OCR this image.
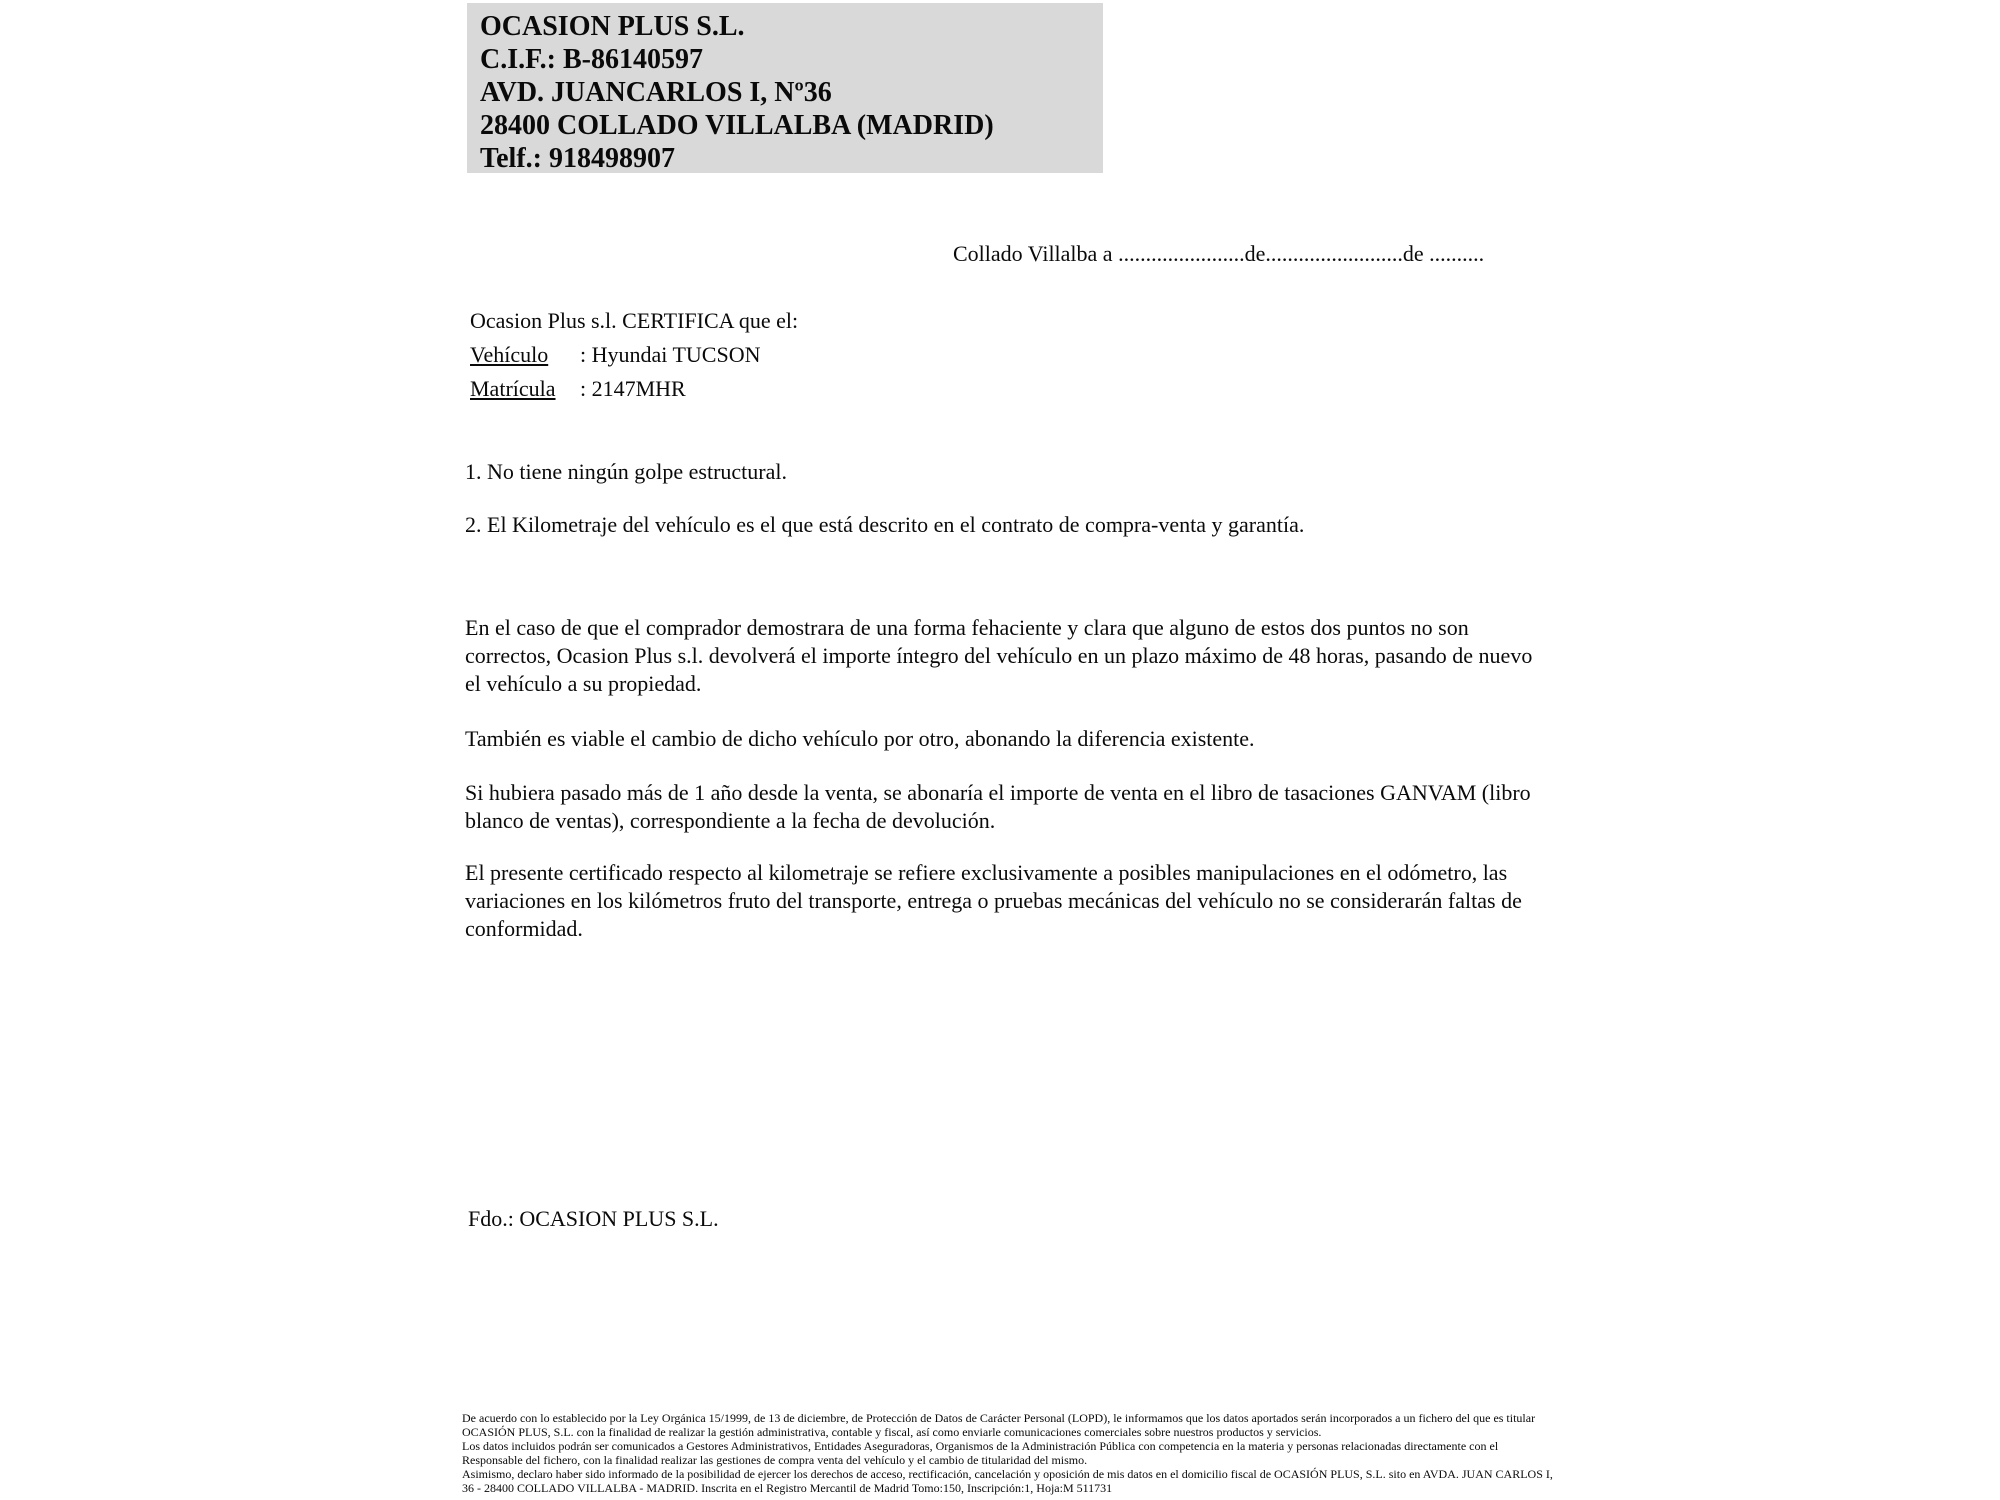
OCASION PLUS S.L.
C.I.F.: B-86140597
AVD. JUANCARLOS I, Nº36
28400 COLLADO VILLALBA (MADRID)
Telf.: 918498907
Collado Villalba a .......................de.........................de ..........
Ocasion Plus s.l. CERTIFICA que el:
Vehículo : Hyundai TUCSON
Matrícula : 2147MHR
1. No tiene ningún golpe estructural.
2. El Kilometraje del vehículo es el que está descrito en el contrato de compra-venta y garantía.
En el caso de que el comprador demostrara de una forma fehaciente y clara que alguno de estos dos puntos no son correctos, Ocasion Plus s.l. devolverá el importe íntegro del vehículo en un plazo máximo de 48 horas, pasando de nuevo el vehículo a su propiedad.
También es viable el cambio de dicho vehículo por otro, abonando la diferencia existente.
Si hubiera pasado más de 1 año desde la venta, se abonaría el importe de venta en el libro de tasaciones GANVAM (libro blanco de ventas), correspondiente a la fecha de devolución.
El presente certificado respecto al kilometraje se refiere exclusivamente a posibles manipulaciones en el odómetro, las variaciones en los kilómetros fruto del transporte, entrega o pruebas mecánicas del vehículo no se considerarán faltas de conformidad.
Fdo.: OCASION PLUS S.L.

De acuerdo con lo establecido por la Ley Orgánica 15/1999, de 13 de diciembre, de Protección de Datos de Carácter Personal (LOPD), le informamos que los datos aportados serán incorporados a un fichero del que es titular OCASIÓN PLUS, S.L. con la finalidad de realizar la gestión administrativa, contable y fiscal, así como enviarle comunicaciones comerciales sobre nuestros productos y servicios.

Los datos incluidos podrán ser comunicados a Gestores Administrativos, Entidades Aseguradoras, Organismos de la Administración Pública con competencia en la materia y personas relacionadas directamente con el Responsable del fichero, con la finalidad realizar las gestiones de compra venta del vehículo y el cambio de titularidad del mismo.

Asimismo, declaro haber sido informado de la posibilidad de ejercer los derechos de acceso, rectificación, cancelación y oposición de mis datos en el domicilio fiscal de OCASIÓN PLUS, S.L. sito en AVDA. JUAN CARLOS I, 36 - 28400 COLLADO VILLALBA - MADRID. Inscrita en el Registro Mercantil de Madrid Tomo:150, Inscripción:1, Hoja:M 511731
